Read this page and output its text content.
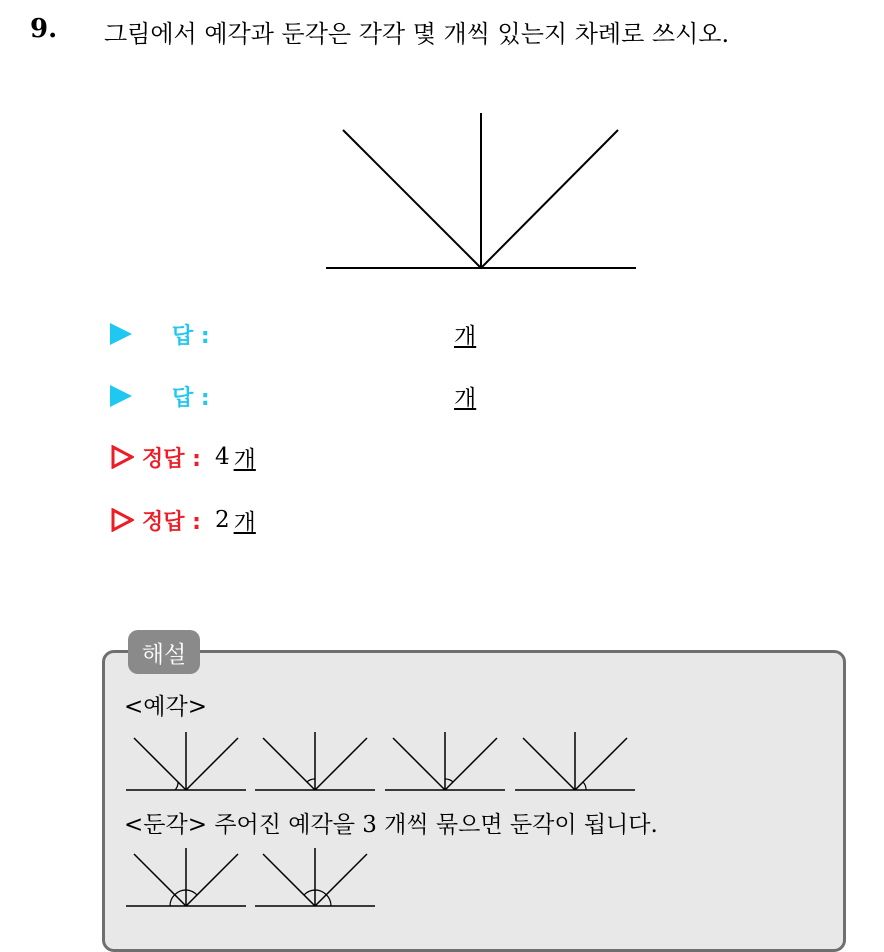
9. 그림에서 예각과 둔각은 각각 몇 개씩 있는지 차례로 쓰시오.
답 :	개
답 :	개
정답 : 4 개
정답 : 2 개
해설
<예각>
<둔각> 주어진 예각을 3 개씩 묶으면 둔각이 됩니다.
